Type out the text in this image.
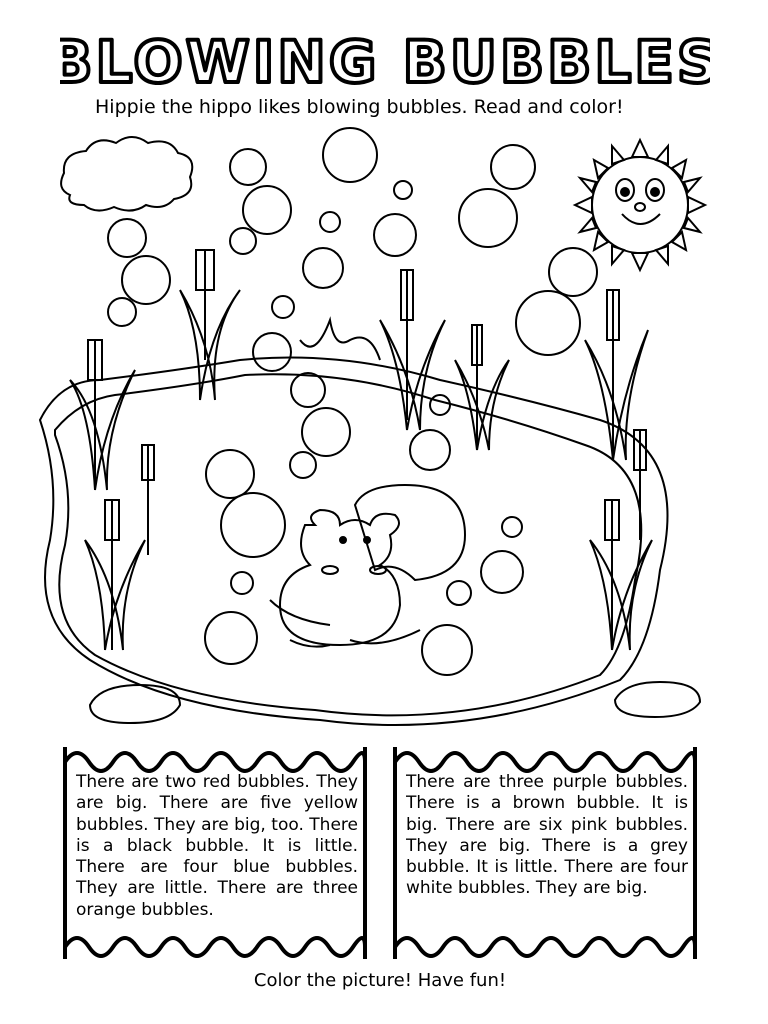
BLOWING BUBBLES
Hippie the hippo likes blowing bubbles. Read and color!
There are two red bubbles. They are big. There are five yellow bubbles. They are big, too. There is a black bubble. It is little. There are four blue bubbles. They are little. There are three orange bubbles.
There are three purple bubbles. There is a brown bubble. It is big. There are six pink bubbles. They are big. There is a grey bubble. It is little. There are four white bubbles. They are big.
Color the picture! Have fun!
